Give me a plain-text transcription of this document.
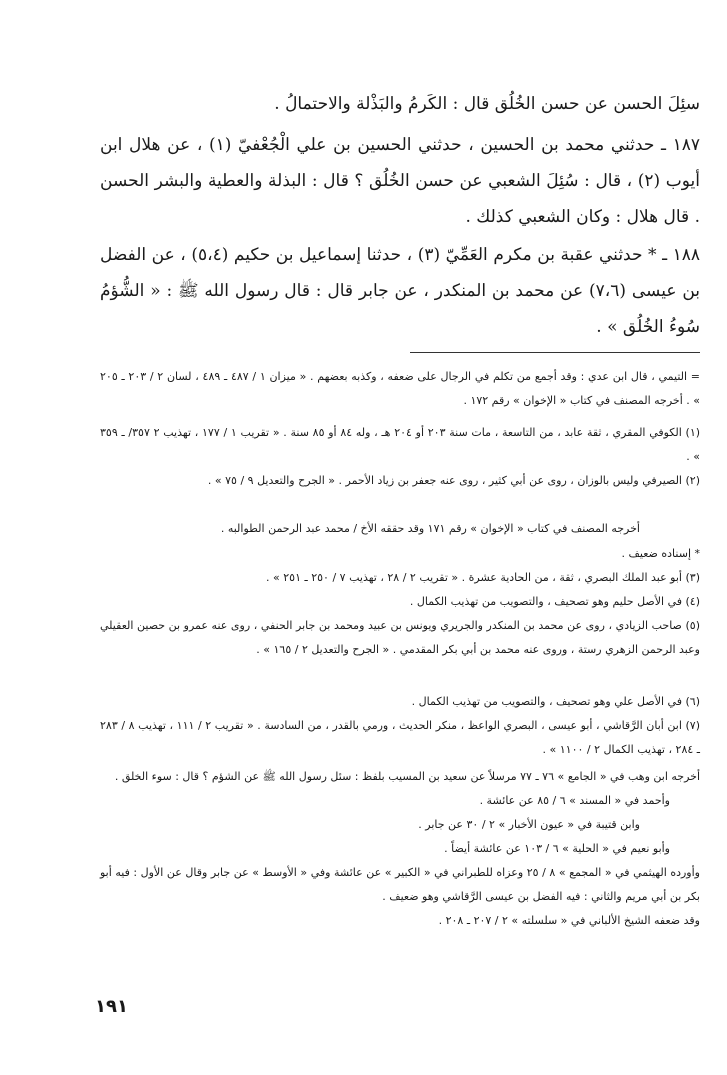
سئِلَ الحسن عن حسن الخُلُق قال : الكَرمُ والبَذْلة والاحتمالُ .

١٨٧ ـ حدثني محمد بن الحسين ، حدثني الحسين بن علي الْجُعْفيّ (١) ، عن هلال ابن أيوب (٢) ، قال : سُئِلَ الشعبي عن حسن الخُلُق ؟ قال : البذلة والعطية والبشر الحسن . قال هلال : وكان الشعبي كذلك .

١٨٨ ـ * حدثني عقبة بن مكرم العَمِّيّ (٣) ، حدثنا إسماعيل بن حكيم (٥،٤) ، عن الفضل بن عيسى (٧،٦) عن محمد بن المنكدر ، عن جابر قال : قال رسول الله ﷺ : « الشُّؤمُ سُوءُ الخُلُق » .

= التيمي ، قال ابن عدي : وقد أجمع من تكلم في الرجال على ضعفه ، وكذبه بعضهم . « ميزان ١ / ٤٨٧ ـ ٤٨٩ ، لسان ٢ / ٢٠٣ ـ ٢٠٥ » . أخرجه المصنف في كتاب « الإخوان » رقم ١٧٢ .

(١) الكوفي المقري ، ثقة عابد ، من التاسعة ، مات سنة ٢٠٣ أو ٢٠٤ هـ ، وله ٨٤ أو ٨٥ سنة . « تقريب ١ / ١٧٧ ، تهذيب ٢ ٣٥٧/ ـ ٣٥٩ » .

(٢) الصيرفي وليس بالوزان ، روى عن أبي كثير ، روى عنه جعفر بن زياد الأحمر . « الجرح والتعديل ٩ / ٧٥ » .

أخرجه المصنف في كتاب « الإخوان » رقم ١٧١ وقد حققه الأخ / محمد عبد الرحمن الطوالبه .

* إسناده ضعيف .

(٣) أبو عبد الملك البصري ، ثقة ، من الحادية عشرة . « تقريب ٢ / ٢٨ ، تهذيب ٧ / ٢٥٠ ـ ٢٥١ » .

(٤) في الأصل حليم وهو تصحيف ، والتصويب من تهذيب الكمال .

(٥) صاحب الزيادي ، روى عن محمد بن المنكدر والجريري ويونس بن عبيد ومحمد بن جابر الحنفي ، روى عنه عمرو بن حصين العقيلي وعبد الرحمن الزهري رستة ، وروى عنه محمد بن أبي بكر المقدمي . « الجرح والتعديل ٢ / ١٦٥ » .

(٦) في الأصل علي وهو تصحيف ، والتصويب من تهذيب الكمال .

(٧) ابن أبان الرَّقاشي ، أبو عيسى ، البصري الواعظ ، منكر الحديث ، ورمي بالقدر ، من السادسة . « تقريب ٢ / ١١١ ، تهذيب ٨ / ٢٨٣ ـ ٢٨٤ ، تهذيب الكمال ٢ / ١١٠٠ » .

أخرجه ابن وهب في « الجامع » ٧٦ ـ ٧٧ مرسلاً عن سعيد بن المسيب بلفظ : سئل رسول الله ﷺ عن الشؤم ؟ قال : سوء الخلق .

وأحمد في « المسند » ٦ / ٨٥ عن عائشة .

وابن قتيبة في « عيون الأخبار » ٢ / ٣٠ عن جابر .

وأبو نعيم في « الحلية » ٦ / ١٠٣ عن عائشة أيضاً .

وأورده الهيثمي في « المجمع » ٨ / ٢٥ وعزاه للطبراني في « الكبير » عن عائشة وفي « الأوسط » عن جابر وقال عن الأول : فيه أبو بكر بن أبي مريم والثاني : فيه الفضل بن عيسى الرَّقاشي وهو ضعيف .

وقد ضعفه الشيخ الألباني في « سلسلته » ٢ / ٢٠٧ ـ ٢٠٨ .

١٩١
